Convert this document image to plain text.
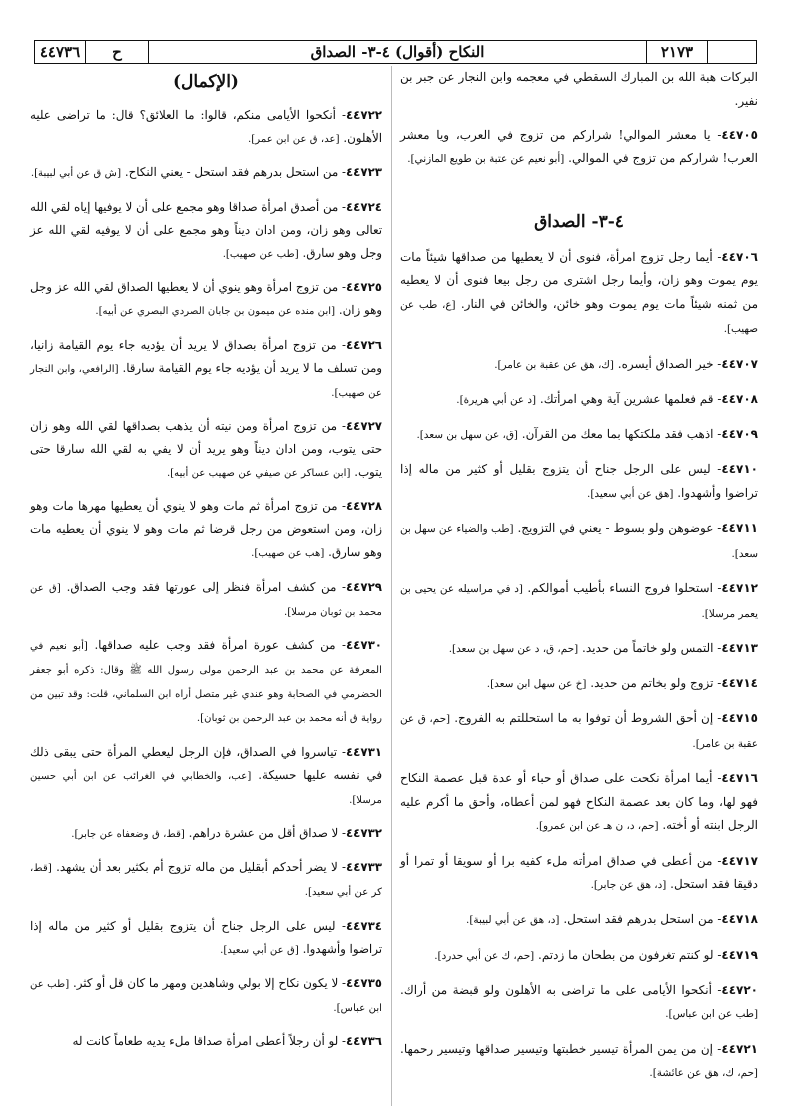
٤٤٧٣٦	ح	النكاح (أقوال) ٤-٣- الصداق	٢١٧٣

البركات هبة الله بن المبارك السقطي في معجمه وابن النجار عن جبر بن نفير.

٤٤٧٠٥- يا معشر الموالي! شراركم من تزوج في العرب، ويا معشر العرب! شراركم من تزوج في الموالي. [أبو نعيم عن عتبة بن طويع المازني].

٤-٣- الصداق

٤٤٧٠٦- أيما رجل تزوج امرأة، فنوى أن لا يعطيها من صداقها شيئاً مات يوم يموت وهو زان، وأيما رجل اشترى من رجل بيعا فنوى أن لا يعطيه من ثمنه شيئاً مات يوم يموت وهو خائن، والخائن في النار. [ع، طب عن صهيب].

٤٤٧٠٧- خير الصداق أيسره. [ك، هق عن عقبة بن عامر].

٤٤٧٠٨- قم فعلمها عشرين آية وهي امرأتك. [د عن أبي هريرة].

٤٤٧٠٩- اذهب فقد ملكتكها بما معك من القرآن. [ق، عن سهل بن سعد].

٤٤٧١٠- ليس على الرجل جناح أن يتزوج بقليل أو كثير من ماله إذا تراضوا وأشهدوا. [هق عن أبي سعيد].

٤٤٧١١- عوضوهن ولو بسوط - يعني في التزويج. [طب والضياء عن سهل بن سعد].

٤٤٧١٢- استحلوا فروج النساء بأطيب أموالكم. [د في مراسيله عن يحيى بن يعمر مرسلا].

٤٤٧١٣- التمس ولو خاتماً من حديد. [حم، ق، د عن سهل بن سعد].

٤٤٧١٤- تزوج ولو بخاتم من حديد. [خ عن سهل ابن سعد].

٤٤٧١٥- إن أحق الشروط أن توفوا به ما استحللتم به الفروج. [حم، ق عن عقبة بن عامر].

٤٤٧١٦- أيما امرأة نكحت على صداق أو حباء أو عدة قبل عصمة النكاح فهو لها، وما كان بعد عصمة النكاح فهو لمن أعطاه، وأحق ما أكرم عليه الرجل ابنته أو أخته. [حم، د، ن هـ عن ابن عمرو].

٤٤٧١٧- من أعطى في صداق امرأته ملء كفيه برا أو سويقا أو تمرا أو دقيقا فقد استحل. [د، هق عن جابر].

٤٤٧١٨- من استحل بدرهم فقد استحل. [د، هق عن أبي لبيبة].

٤٤٧١٩- لو كنتم تغرفون من بطحان ما زدتم. [حم، ك عن أبي حدرد].

٤٤٧٢٠- أنكحوا الأيامى على ما تراضى به الأهلون ولو قبضة من أراك. [طب عن ابن عباس].

٤٤٧٢١- إن من يمن المرأة تيسير خطبتها وتيسير صداقها وتيسير رحمها. [حم، ك، هق عن عائشة].

(الإكمال)

٤٤٧٢٢- أنكحوا الأيامى منكم، قالوا: ما العلائق؟ قال: ما تراضى عليه الأهلون. [عد، ق عن ابن عمر].

٤٤٧٢٣- من استحل بدرهم فقد استحل - يعني النكاح. [ش ق عن أبي لبيبة].

٤٤٧٢٤- من أصدق امرأة صداقا وهو مجمع على أن لا يوفيها إياه لقي الله تعالى وهو زان، ومن ادان ديناً وهو مجمع على أن لا يوفيه لقي الله عز وجل وهو سارق. [طب عن صهيب].

٤٤٧٢٥- من تزوج امرأة وهو ينوي أن لا يعطيها الصداق لقي الله عز وجل وهو زان. [ابن منده عن ميمون بن جابان الصردي البصري عن أبيه].

٤٤٧٢٦- من تزوج امرأة بصداق لا يريد أن يؤديه جاء يوم القيامة زانيا، ومن تسلف ما لا يريد أن يؤديه جاء يوم القيامة سارقا. [الرافعي، وابن النجار عن صهيب].

٤٤٧٢٧- من تزوج امرأة ومن نيته أن يذهب بصداقها لقي الله وهو زان حتى يتوب، ومن ادان ديناً وهو يريد أن لا يفي به لقي الله سارقا حتى يتوب. [ابن عساكر عن صيفي عن صهيب عن أبيه].

٤٤٧٢٨- من تزوج امرأة ثم مات وهو لا ينوي أن يعطيها مهرها مات وهو زان، ومن استعوض من رجل قرضا ثم مات وهو لا ينوي أن يعطيه مات وهو سارق. [هب عن صهيب].

٤٤٧٢٩- من كشف امرأة فنظر إلى عورتها فقد وجب الصداق. [ق عن محمد بن ثوبان مرسلا].

٤٤٧٣٠- من كشف عورة امرأة فقد وجب عليه صداقها. [أبو نعيم في المعرفة عن محمد بن عبد الرحمن مولى رسول الله ﷺ وقال: ذكره أبو جعفر الحضرمي في الصحابة وهو عندي غير متصل أراه ابن السلماني، قلت: وقد تبين من رواية ق أنه محمد بن عبد الرحمن بن ثوبان].

٤٤٧٣١- تياسروا في الصداق، فإن الرجل ليعطي المرأة حتى يبقى ذلك في نفسه عليها حسيكة. [عب، والخطابي في الغرائب عن ابن أبي حسين مرسلا].

٤٤٧٣٢- لا صداق أقل من عشرة دراهم. [قط، ق وضعفاه عن جابر].

٤٤٧٣٣- لا يضر أحدكم أبقليل من ماله تزوج أم بكثير بعد أن يشهد. [قط، كر عن أبي سعيد].

٤٤٧٣٤- ليس على الرجل جناح أن يتزوج بقليل أو كثير من ماله إذا تراضوا وأشهدوا. [ق عن أبي سعيد].

٤٤٧٣٥- لا يكون نكاح إلا بولي وشاهدين ومهر ما كان قل أو كثر. [طب عن ابن عباس].

٤٤٧٣٦- لو أن رجلاً أعطى امرأة صداقا ملء يديه طعاماً كانت له
